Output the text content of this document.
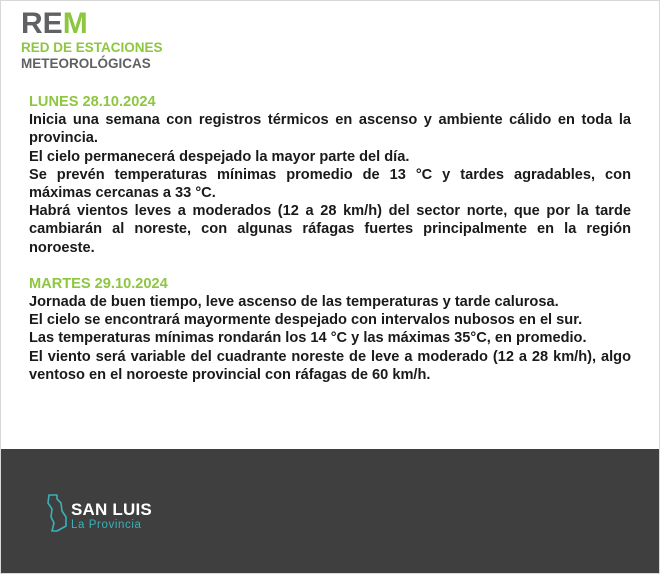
REM
RED DE ESTACIONES
METEOROLÓGICAS
LUNES 28.10.2024
Inicia una semana con registros térmicos en ascenso y ambiente cálido en toda la provincia.
El cielo permanecerá despejado la mayor parte del día.
Se prevén temperaturas mínimas promedio de 13 °C y tardes agradables, con máximas cercanas a 33 °C.
Habrá vientos leves a moderados (12 a 28 km/h) del sector norte, que por la tarde cambiarán al noreste, con algunas ráfagas fuertes principalmente en la región noroeste.
MARTES 29.10.2024
Jornada de buen tiempo, leve ascenso de las temperaturas y tarde calurosa.
El cielo se encontrará mayormente despejado con intervalos nubosos en el sur.
Las temperaturas mínimas rondarán los 14 °C y las máximas 35°C, en promedio.
El viento será variable del cuadrante noreste de leve a moderado (12 a 28 km/h), algo ventoso en el noroeste provincial con ráfagas de 60 km/h.
SAN LUIS
La Provincia
